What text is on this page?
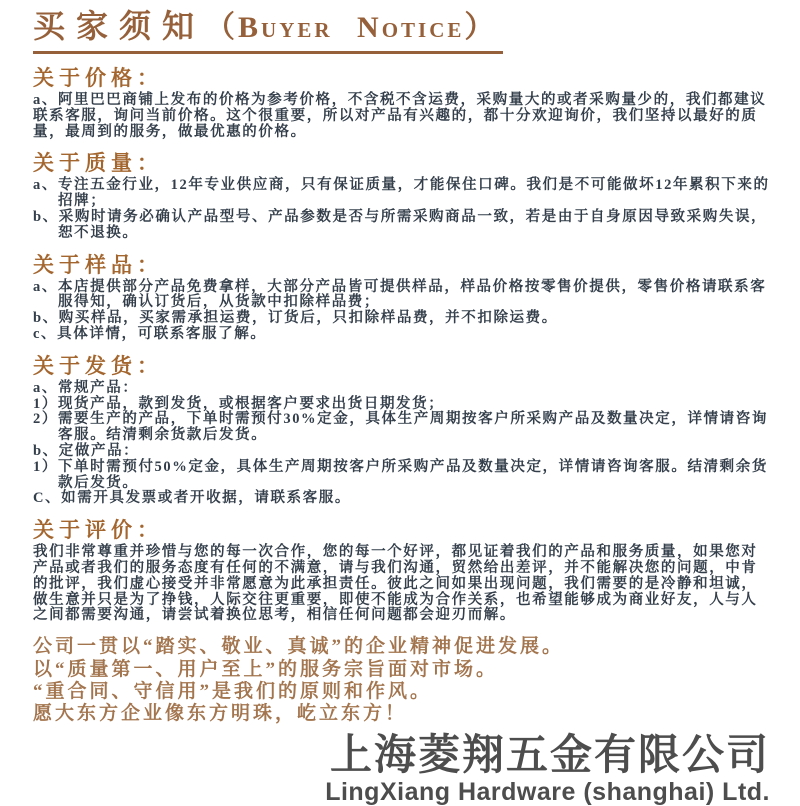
买家须知（Buyer Notice）
关于价格：

a、阿里巴巴商铺上发布的价格为参考价格，不含税不含运费，采购量大的或者采购量少的，我们都建议联系客服，询问当前价格。这个很重要，所以对产品有兴趣的，都十分欢迎询价，我们坚持以最好的质量，最周到的服务，做最优惠的价格。

关于质量：

a、专注五金行业，12年专业供应商，只有保证质量，才能保住口碑。我们是不可能做坏12年累积下来的招牌；

b、采购时请务必确认产品型号、产品参数是否与所需采购商品一致，若是由于自身原因导致采购失误，恕不退换。

关于样品：

a、本店提供部分产品免费拿样，大部分产品皆可提供样品，样品价格按零售价提供，零售价格请联系客服得知，确认订货后，从货款中扣除样品费；

b、购买样品，买家需承担运费，订货后，只扣除样品费，并不扣除运费。

c、具体详情，可联系客服了解。

关于发货：

a、常规产品：

1）现货产品，款到发货，或根据客户要求出货日期发货；

2）需要生产的产品，下单时需预付30%定金，具体生产周期按客户所采购产品及数量决定，详情请咨询客服。结清剩余货款后发货。

b、定做产品：

1）下单时需预付50%定金，具体生产周期按客户所采购产品及数量决定，详情请咨询客服。结清剩余货款后发货。

C、如需开具发票或者开收据，请联系客服。

关于评价：

我们非常尊重并珍惜与您的每一次合作，您的每一个好评，都见证着我们的产品和服务质量，如果您对产品或者我们的服务态度有任何的不满意，请与我们沟通，贸然给出差评，并不能解决您的问题，中肯的批评，我们虚心接受并非常愿意为此承担责任。彼此之间如果出现问题，我们需要的是冷静和坦诚，做生意并只是为了挣钱，人际交往更重要，即使不能成为合作关系，也希望能够成为商业好友，人与人之间都需要沟通，请尝试着换位思考，相信任何问题都会迎刃而解。

公司一贯以“踏实、敬业、真诚”的企业精神促进发展。

以“质量第一、用户至上”的服务宗旨面对市场。

“重合同、守信用”是我们的原则和作风。

愿大东方企业像东方明珠，屹立东方！

上海菱翔五金有限公司
LingXiang Hardware (shanghai) Ltd.
